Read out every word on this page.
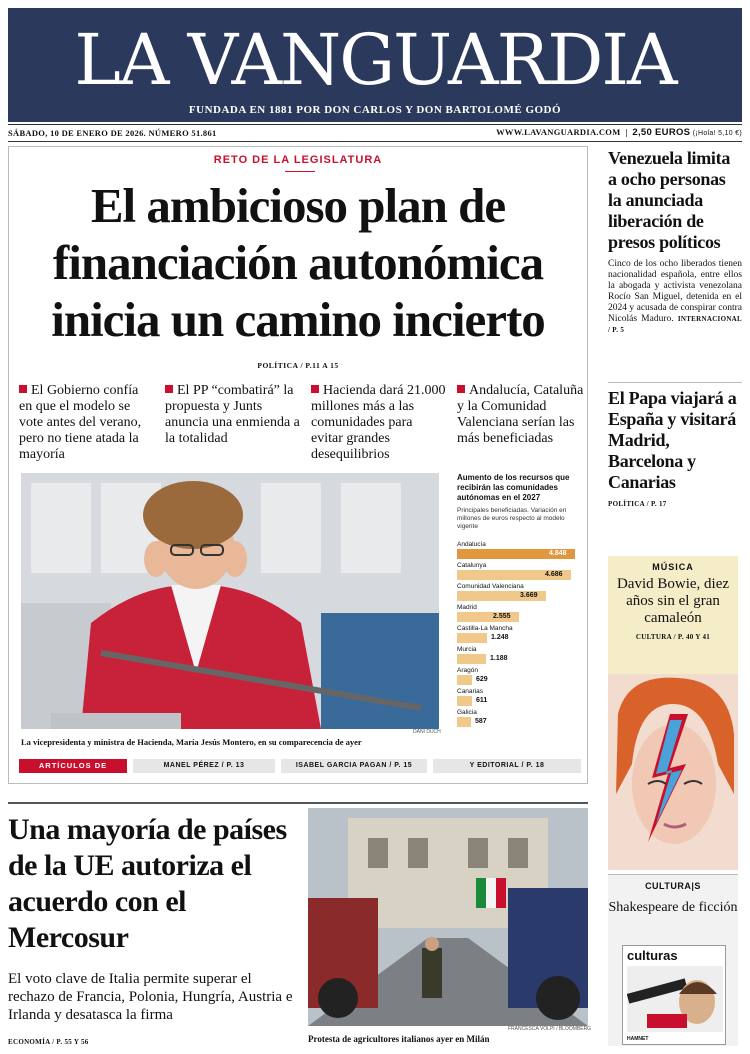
LA VANGUARDIA
FUNDADA EN 1881 POR DON CARLOS Y DON BARTOLOMÉ GODÓ
SÁBADO, 10 DE ENERO DE 2026. NÚMERO 51.861	WWW.LAVANGUARDIA.COM  |  2,50 EUROS (¡Hola! 5,10 €)
RETO DE LA LEGISLATURA
El ambicioso plan de
financiación autonómica
inicia un camino incierto
POLÍTICA / P.11 A 15
El Gobierno confía en que el modelo se vote antes del verano, pero no tiene atada la mayoría
El PP “combatirá” la propuesta y Junts anuncia una enmienda a la totalidad
Hacienda dará 21.000 millones más a las comunidades para evitar grandes desequilibrios
Andalucía, Cataluña y la Comunidad Valenciana serían las más beneficiadas
DANI DUCH
La vicepresidenta y ministra de Hacienda, María Jesús Montero, en su comparecencia de ayer
Aumento de los recursos que recibirán las comunidades autónomas en el 2027
Principales beneficiadas. Variación en millones de euros respecto al modelo vigente
Andalucía
4.848
Catalunya
4.686
Comunidad Valenciana
3.669
Madrid
2.555
Castilla-La Mancha
1.248
Murcia
1.188
Aragón
629
Canarias
611
Galicia
587
ARTÍCULOS DE	MANEL PÉREZ / P. 13	ISABEL GARCIA PAGAN / P. 15	Y EDITORIAL / P. 18
Venezuela limita a ocho personas la anunciada liberación de presos políticos

Cinco de los ocho liberados tienen nacionalidad española, entre ellos la abogada y activista venezolana Rocío San Miguel, detenida en el 2024 y acusada de conspirar contra Nicolás Maduro. INTERNACIONAL / P. 5

El Papa viajará a España y visitará Madrid, Barcelona y Canarias

POLÍTICA / P. 17

MÚSICA
David Bowie, diez años sin el gran camaleón
CULTURA / P. 40 Y 41
CULTURA|S
Shakespeare de ficción
culturas
HAMNET
Una mayoría de países de la UE autoriza el acuerdo con el Mercosur
El voto clave de Italia permite superar el rechazo de Francia, Polonia, Hungría, Austria e Irlanda y desatasca la firma
ECONOMÍA / P. 55 Y 56
FRANCESCA VOLPI / BLOOMBERG
Protesta de agricultores italianos ayer en Milán
